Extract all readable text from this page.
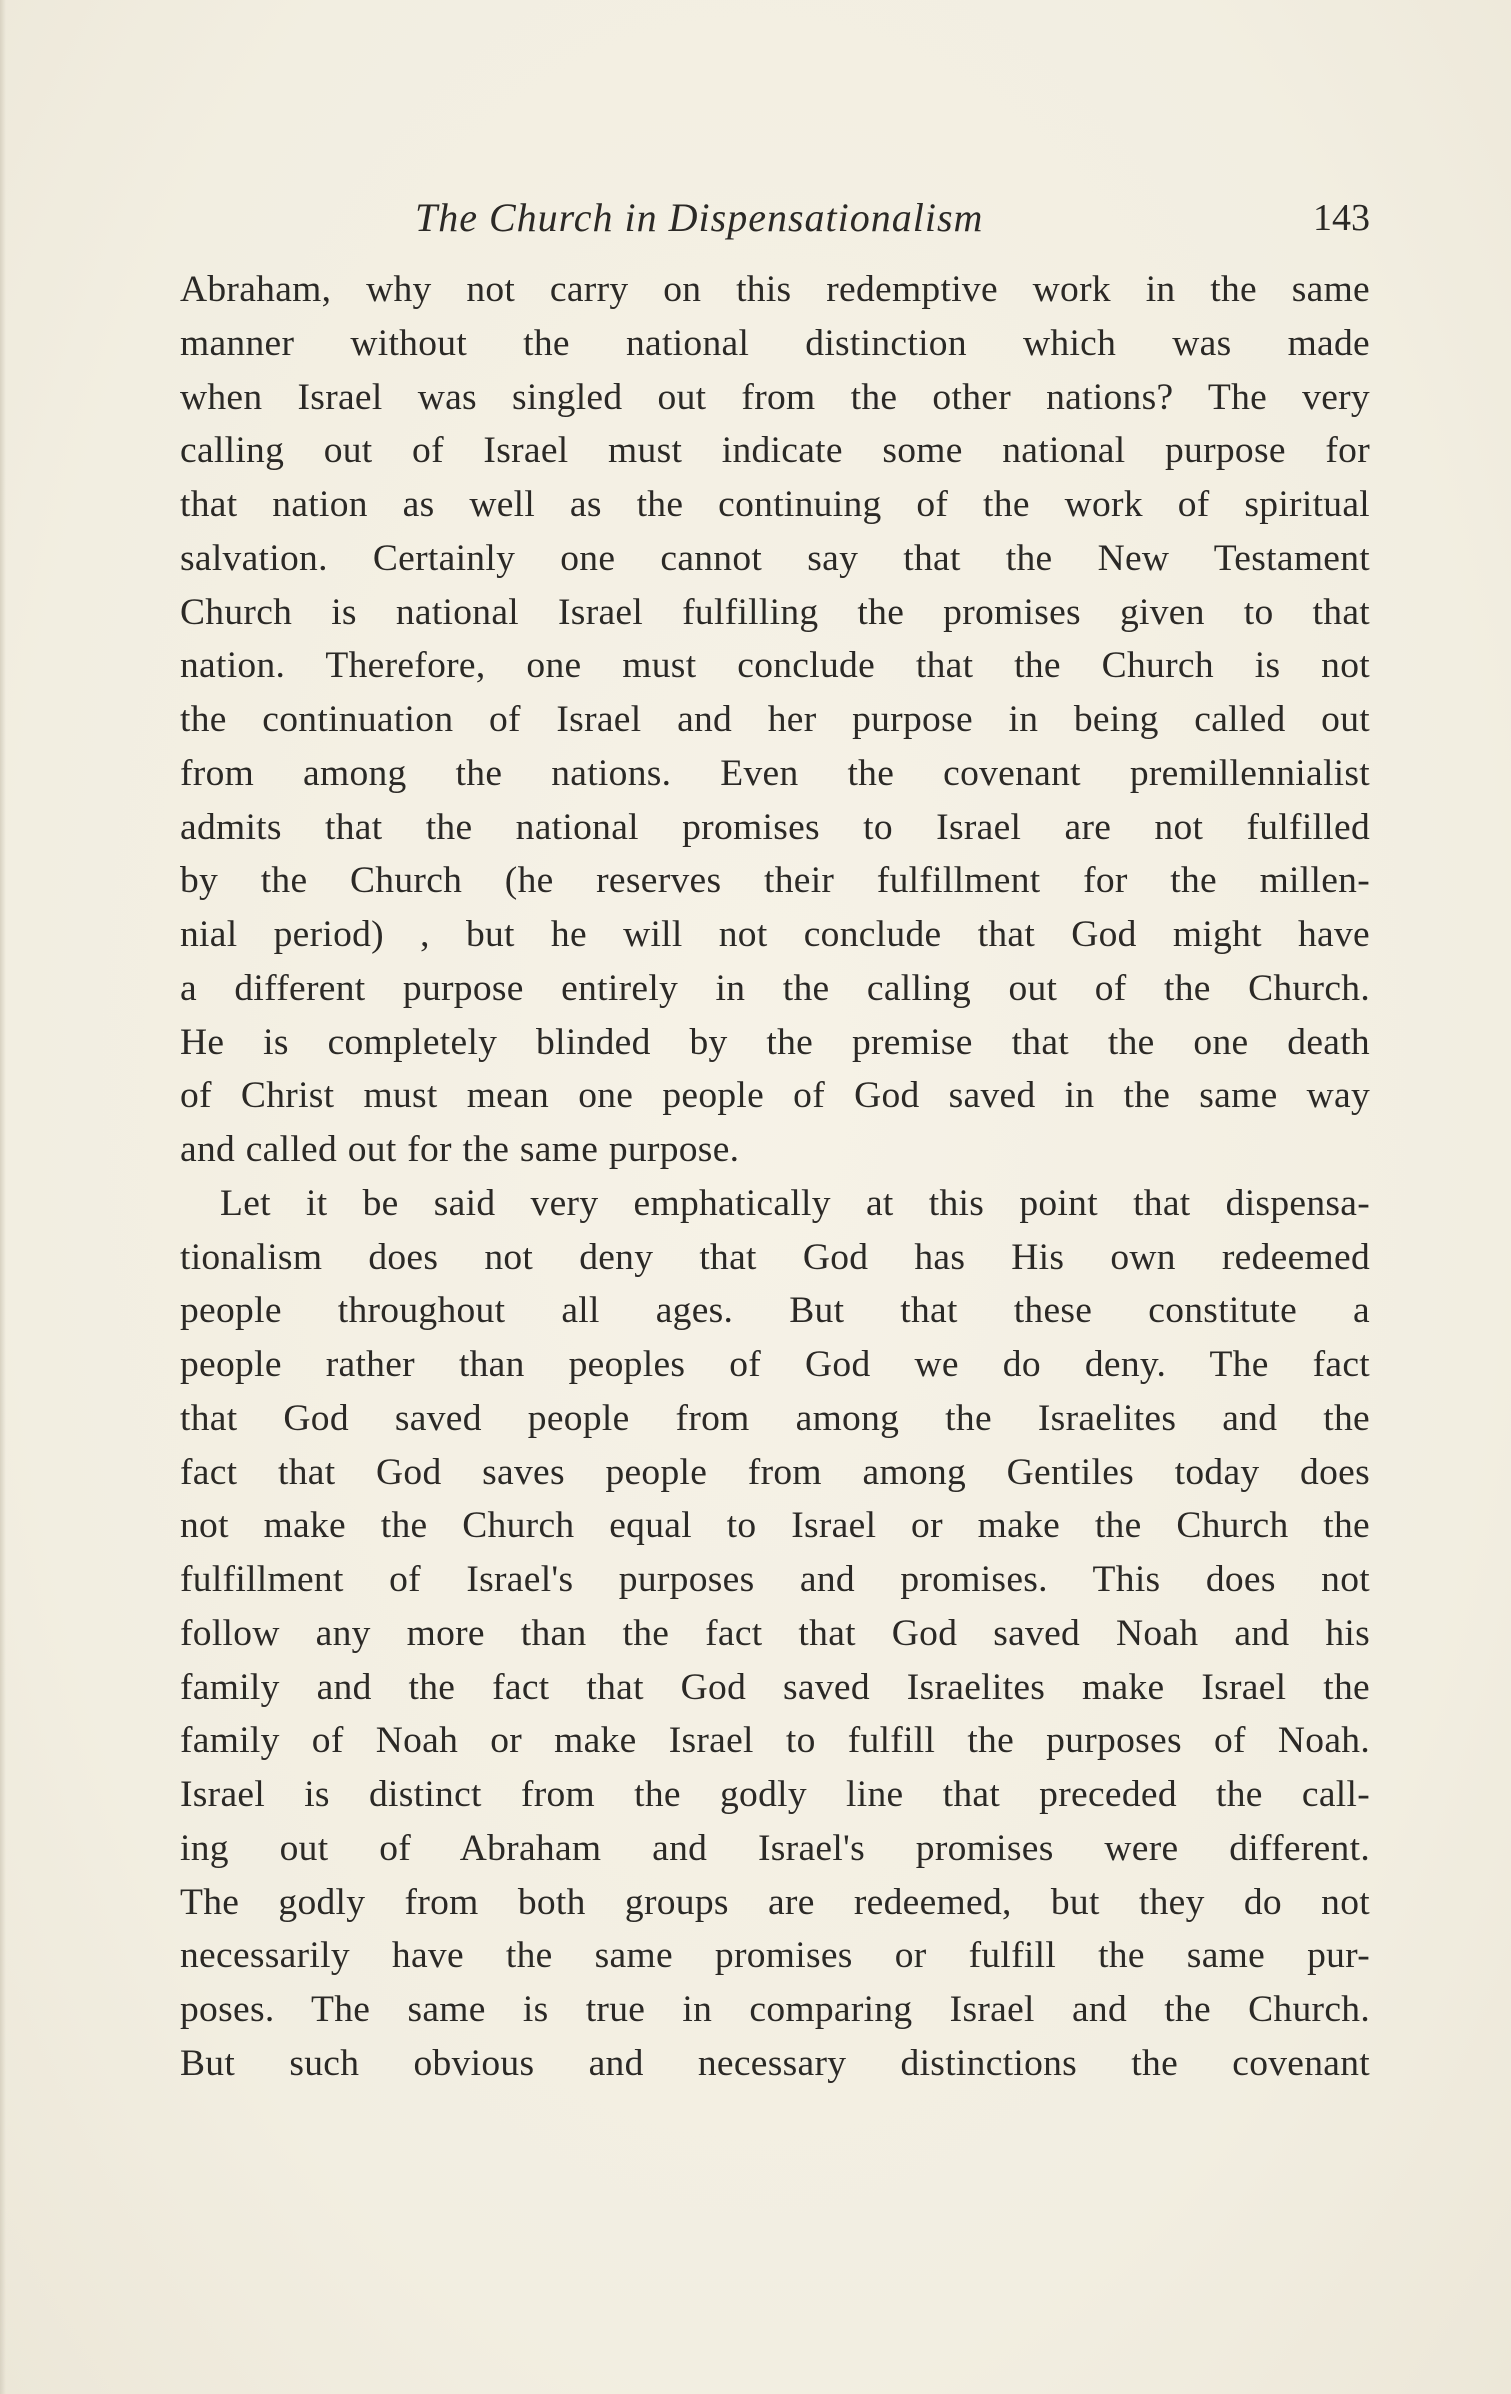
The Church in Dispensationalism	143
Abraham, why not carry on this redemptive work in the same
manner without the national distinction which was made
when Israel was singled out from the other nations? The very
calling out of Israel must indicate some national purpose for
that nation as well as the continuing of the work of spiritual
salvation. Certainly one cannot say that the New Testament
Church is national Israel fulfilling the promises given to that
nation. Therefore, one must conclude that the Church is not
the continuation of Israel and her purpose in being called out
from among the nations. Even the covenant premillennialist
admits that the national promises to Israel are not fulfilled
by the Church (he reserves their fulfillment for the millen-
nial period) , but he will not conclude that God might have
a different purpose entirely in the calling out of the Church.
He is completely blinded by the premise that the one death
of Christ must mean one people of God saved in the same way
and called out for the same purpose.
Let it be said very emphatically at this point that dispensa-
tionalism does not deny that God has His own redeemed
people throughout all ages. But that these constitute a
people rather than peoples of God we do deny. The fact
that God saved people from among the Israelites and the
fact that God saves people from among Gentiles today does
not make the Church equal to Israel or make the Church the
fulfillment of Israel's purposes and promises. This does not
follow any more than the fact that God saved Noah and his
family and the fact that God saved Israelites make Israel the
family of Noah or make Israel to fulfill the purposes of Noah.
Israel is distinct from the godly line that preceded the call-
ing out of Abraham and Israel's promises were different.
The godly from both groups are redeemed, but they do not
necessarily have the same promises or fulfill the same pur-
poses. The same is true in comparing Israel and the Church.
But such obvious and necessary distinctions the covenant
